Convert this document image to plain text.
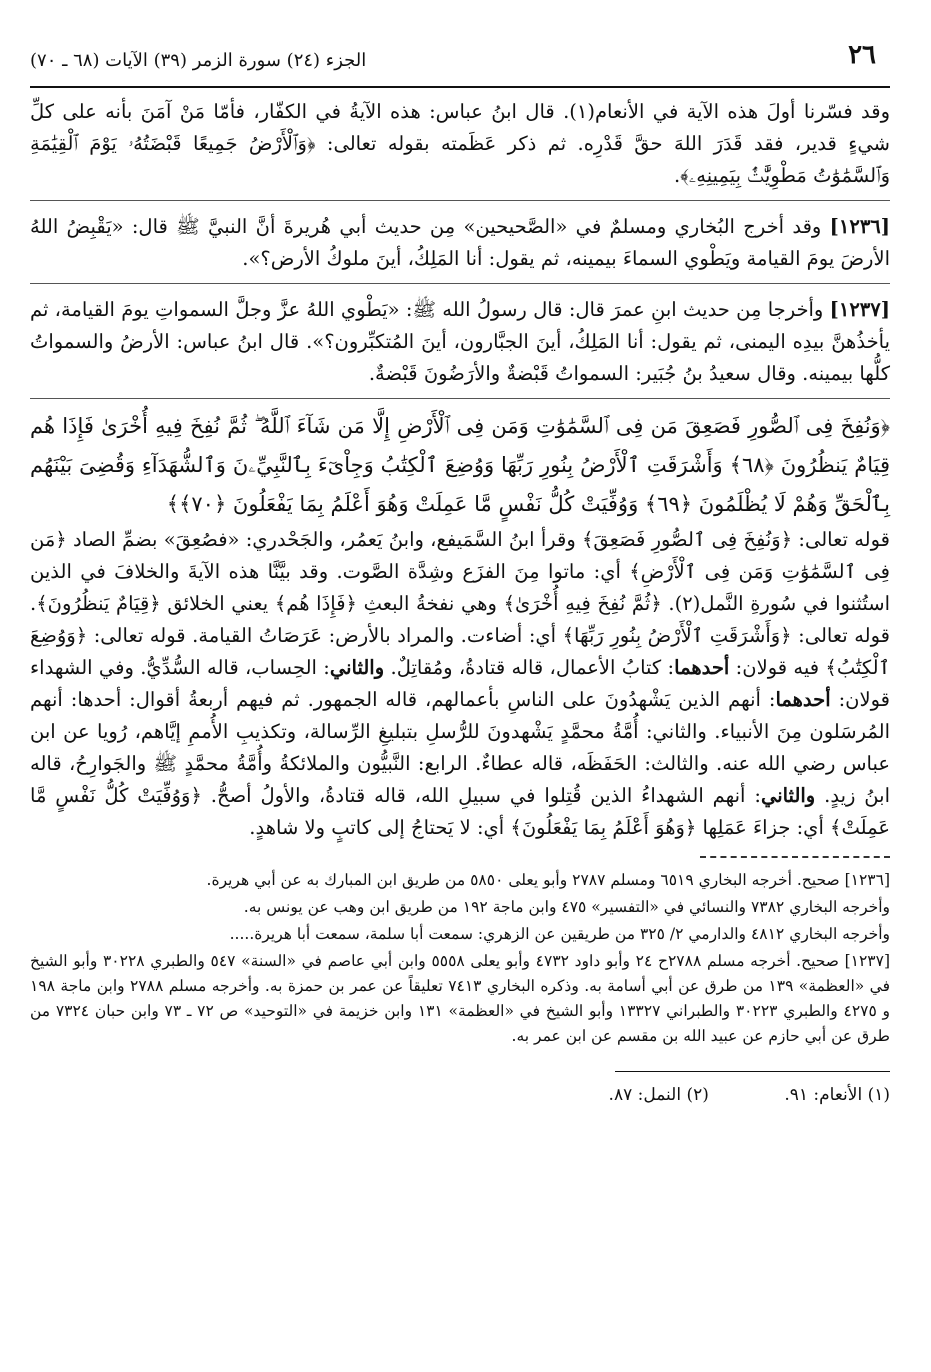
٢٦
الجزء (٢٤) سورة الزمر (٣٩) الآيات (٦٨ ـ ٧٠)

وقد فسّرنا أولَ هذه الآية في الأنعام(١). قال ابنُ عباس: هذه الآيةُ في الكفّار، فأمّا مَنْ آمَنَ بأنه على كلِّ شيءٍ قدير، فقد قَدَرَ اللهَ حقَّ قَدْرِه. ثم ذكر عَظَمته بقوله تعالى: ﴿وَٱلْأَرْضُ جَمِيعًا قَبْضَتُهُۥ يَوْمَ ٱلْقِيَٰمَةِ وَٱلسَّمَٰوَٰتُ مَطْوِيَّٰتٌۢ بِيَمِينِهِۦ﴾.

[١٢٣٦] وقد أخرج البُخاري ومسلمٌ في «الصَّحيحين» مِن حديث أبي هُريرةَ أنَّ النبيَّ ﷺ قال: «يَقْبِضُ اللهُ الأرضَ يومَ القيامة ويَطْوي السماءَ بيمينه، ثم يقول: أنا المَلِكُ، أينَ ملوكُ الأرض؟».

[١٢٣٧] وأخرجا مِن حديث ابنِ عمرَ قال: قال رسولُ الله ﷺ: «يَطْوي اللهُ عزَّ وجلَّ السمواتِ يومَ القيامة، ثم يأخذُهنَّ بيدِه اليمنى، ثم يقول: أنا المَلِكُ، أينَ الجبَّارون، أينَ المُتكبِّرون؟». قال ابنُ عباس: الأرضُ والسمواتُ كلُّها بيمينه. وقال سعيدُ بنُ جُبَير: السمواتُ قَبْضةٌ والأرَضُونَ قَبْضةٌ.

﴿وَنُفِخَ فِى ٱلصُّورِ فَصَعِقَ مَن فِى ٱلسَّمَٰوَٰتِ وَمَن فِى ٱلْأَرْضِ إِلَّا مَن شَآءَ ٱللَّهُ ۖ ثُمَّ نُفِخَ فِيهِ أُخْرَىٰ فَإِذَا هُم قِيَامٌ يَنظُرُونَ ﴿٦٨﴾ وَأَشْرَقَتِ ٱلْأَرْضُ بِنُورِ رَبِّهَا وَوُضِعَ ٱلْكِتَٰبُ وَجِاْىٓءَ بِٱلنَّبِيِّۦنَ وَٱلشُّهَدَآءِ وَقُضِىَ بَيْنَهُم بِٱلْحَقِّ وَهُمْ لَا يُظْلَمُونَ ﴿٦٩﴾ وَوُفِّيَتْ كُلُّ نَفْسٍ مَّا عَمِلَتْ وَهُوَ أَعْلَمُ بِمَا يَفْعَلُونَ ﴿٧٠﴾﴾

قوله تعالى: ﴿وَنُفِخَ فِى ٱلصُّورِ فَصَعِقَ﴾ وقرأ ابنُ السَّمَيفع، وابنُ يَعمُر، والجَحْدري: «فصُعِقَ» بضمِّ الصاد ﴿مَن فِى ٱلسَّمَٰوَٰتِ وَمَن فِى ٱلْأَرْضِ﴾ أي: ماتوا مِنَ الفزَع وشِدَّة الصَّوت. وقد بيَّنَّا هذه الآيةَ والخلافَ في الذين استُثنوا في سُورةِ النَّمل(٢). ﴿ثُمَّ نُفِخَ فِيهِ أُخْرَىٰ﴾ وهي نفخةُ البعثِ ﴿فَإِذَا هُم﴾ يعني الخلائق ﴿قِيَامٌ يَنظُرُونَ﴾. قوله تعالى: ﴿وَأَشْرَقَتِ ٱلْأَرْضُ بِنُورِ رَبِّهَا﴾ أي: أضاءت. والمراد بالأرض: عَرَصَاتُ القيامة. قوله تعالى: ﴿وَوُضِعَ ٱلْكِتَٰبُ﴾ فيه قولان: أحدهما: كتابُ الأعمال، قاله قتادةُ، ومُقاتِلٌ. والثاني: الحِساب، قاله السُّدِّيُّ. وفي الشهداء قولان: أحدهما: أنهم الذين يَشْهدُونَ على الناسِ بأعمالهم، قاله الجمهور. ثم فيهم أربعةُ أقوال: أحدها: أنهم المُرسَلون مِنَ الأنبياء. والثاني: أُمَّةُ محمَّدٍ يَشْهدونَ للرُّسلِ بتبليغِ الرِّسالة، وتكذيبِ الأُممِ إيَّاهم، رُويا عن ابن عباس رضي الله عنه. والثالث: الحَفَظَه، قاله عطاءٌ. الرابع: النَّبيُّون والملائكةُ وأُمَّةُ محمَّدٍ ﷺ والجَوارِحُ، قاله ابنُ زيدٍ. والثاني: أنهم الشهداءُ الذين قُتِلوا في سبيلِ الله، قاله قتادةُ، والأولُ أصحُّ. ﴿وَوُفِّيَتْ كُلُّ نَفْسٍ مَّا عَمِلَتْ﴾ أي: جزاءَ عَمَلِها ﴿وَهُوَ أَعْلَمُ بِمَا يَفْعَلُونَ﴾ أي: لا يَحتاجُ إلى كاتبٍ ولا شاهدٍ.

[١٢٣٦] صحيح. أخرجه البخاري ٦٥١٩ ومسلم ٢٧٨٧ وأبو يعلى ٥٨٥٠ من طريق ابن المبارك به عن أبي هريرة.

وأخرجه البخاري ٧٣٨٢ والنسائي في «التفسير» ٤٧٥ وابن ماجة ١٩٢ من طريق ابن وهب عن يونس به.

وأخرجه البخاري ٤٨١٢ والدارمي ٢/ ٣٢٥ من طريقين عن الزهري: سمعت أبا سلمة، سمعت أبا هريرة.....

[١٢٣٧] صحيح. أخرجه مسلم ٢٧٨٨ح ٢٤ وأبو داود ٤٧٣٢ وأبو يعلى ٥٥٥٨ وابن أبي عاصم في «السنة» ٥٤٧ والطبري ٣٠٢٢٨ وأبو الشيخ في «العظمة» ١٣٩ من طرق عن أبي أسامة به. وذكره البخاري ٧٤١٣ تعليقاً عن عمر بن حمزة به. وأخرجه مسلم ٢٧٨٨ وابن ماجة ١٩٨ و ٤٢٧٥ والطبري ٣٠٢٢٣ والطبراني ١٣٣٢٧ وأبو الشيخ في «العظمة» ١٣١ وابن خزيمة في «التوحيد» ص ٧٢ ـ ٧٣ وابن حبان ٧٣٢٤ من طرق عن أبي حازم عن عبيد الله بن مقسم عن ابن عمر به.

(١) الأنعام: ٩١. (٢) النمل: ٨٧.
